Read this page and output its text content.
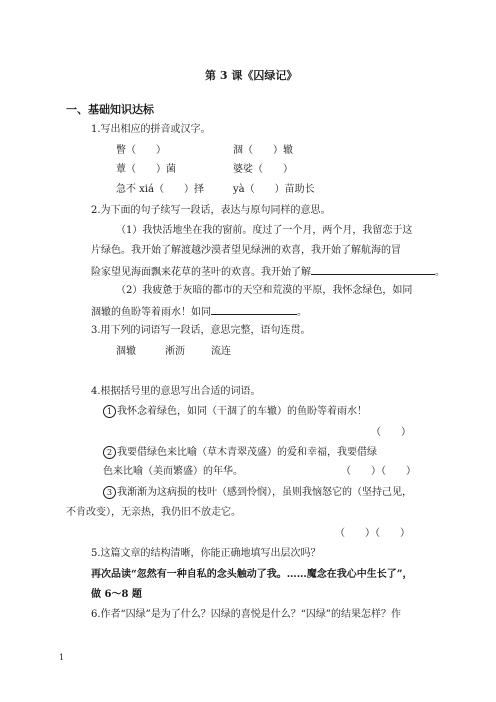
第 3 课《囚绿记》
一、基础知识达标
1.写出相应的拼音或汉字。
瞥（　　）	涸（　　）辙
蕈（　　）菌	婆娑（　　）
急不 xiá（　　）择	yà（　　）苗助长
2.为下面的句子续写一段话，表达与原句同样的意思。
（1）我快活地坐在我的窗前。度过了一个月，两个月，我留恋于这
片绿色。我开始了解渡越沙漠者望见绿洲的欢喜，我开始了解航海的冒
险家望见海面飘来花草的茎叶的欢喜。我开始了解	。
（2）我疲惫于灰暗的都市的天空和荒漠的平原，我怀念绿色，如同
涸辙的鱼盼等着雨水！如同	。
3.用下列的词语写一段话，意思完整，语句连贯。
涸辙	淅沥	流连
4.根据括号里的意思写出合适的词语。
1 我怀念着绿色，如同（干涸了的车辙）的鱼盼等着雨水！
（　　）
2 我要借绿色来比喻（草木青翠茂盛）的爱和幸福，我要借绿
色来比喻（美而繁盛）的年华。	（　　）（　　）
3 我渐渐为这病损的枝叶（感到怜悯），虽则我恼怒它的（坚持己见，
不肯改变），无亲热，我仍旧不放走它。
（　　）（　　）
5.这篇文章的结构清晰，你能正确地填写出层次吗？
再次品读“忽然有一种自私的念头触动了我。……魔念在我心中生长了”，
做 6～8 题
6.作者“囚绿”是为了什么？囚绿的喜悦是什么？“囚绿”的结果怎样？作
1
